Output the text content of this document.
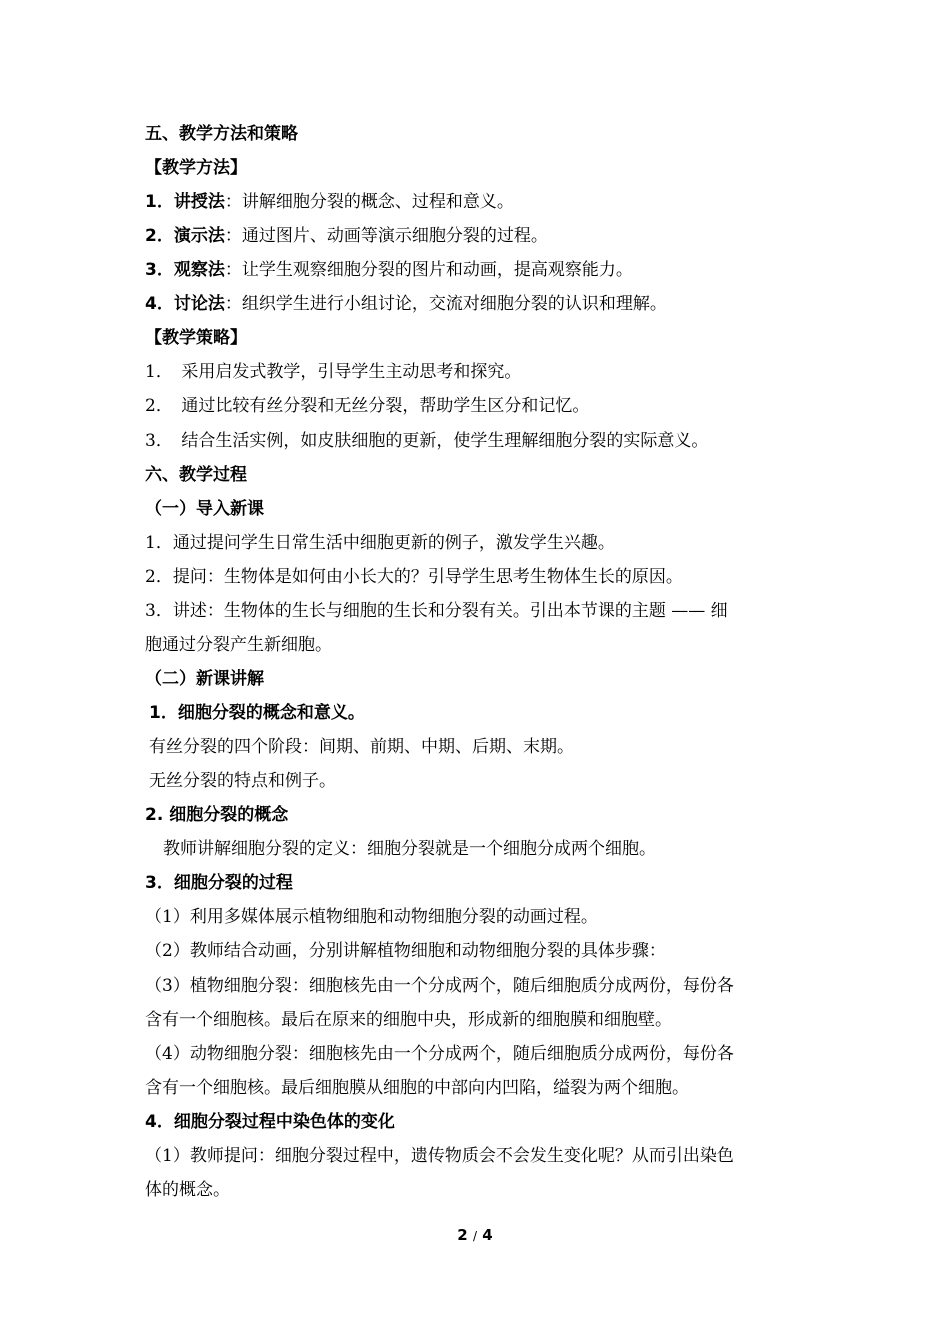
五、教学方法和策略
【教学方法】
1．讲授法：讲解细胞分裂的概念、过程和意义。
2．演示法：通过图片、动画等演示细胞分裂的过程。
3．观察法：让学生观察细胞分裂的图片和动画，提高观察能力。
4．讨论法：组织学生进行小组讨论，交流对细胞分裂的认识和理解。
【教学策略】
1．　采用启发式教学，引导学生主动思考和探究。
2．　通过比较有丝分裂和无丝分裂，帮助学生区分和记忆。
3．　结合生活实例，如皮肤细胞的更新，使学生理解细胞分裂的实际意义。
六、教学过程
（一）导入新课
1．通过提问学生日常生活中细胞更新的例子，激发学生兴趣。
2．提问：生物体是如何由小长大的？引导学生思考生物体生长的原因。
3．讲述：生物体的生长与细胞的生长和分裂有关。引出本节课的主题 —— 细
胞通过分裂产生新细胞。
（二）新课讲解
1．细胞分裂的概念和意义。
有丝分裂的四个阶段：间期、前期、中期、后期、末期。
无丝分裂的特点和例子。
2. 细胞分裂的概念
教师讲解细胞分裂的定义：细胞分裂就是一个细胞分成两个细胞。
3．细胞分裂的过程
（1）利用多媒体展示植物细胞和动物细胞分裂的动画过程。
（2）教师结合动画，分别讲解植物细胞和动物细胞分裂的具体步骤：
（3）植物细胞分裂：细胞核先由一个分成两个，随后细胞质分成两份，每份各
含有一个细胞核。最后在原来的细胞中央，形成新的细胞膜和细胞壁。
（4）动物细胞分裂：细胞核先由一个分成两个，随后细胞质分成两份，每份各
含有一个细胞核。最后细胞膜从细胞的中部向内凹陷，缢裂为两个细胞。
4．细胞分裂过程中染色体的变化
（1）教师提问：细胞分裂过程中，遗传物质会不会发生变化呢？从而引出染色
体的概念。
2 / 4
